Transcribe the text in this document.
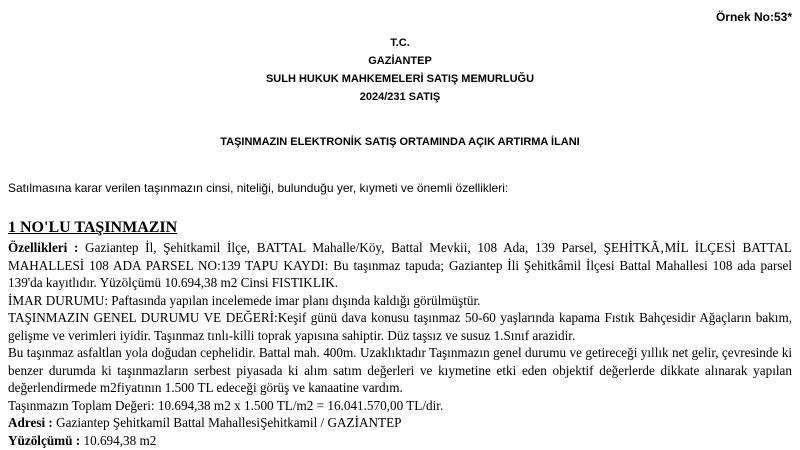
Örnek No:53*
T.C.
GAZİANTEP
SULH HUKUK MAHKEMELERİ SATIŞ MEMURLUĞU
2024/231 SATIŞ
TAŞINMAZIN ELEKTRONİK SATIŞ ORTAMINDA AÇIK ARTIRMA İLANI
Satılmasına karar verilen taşınmazın cinsi, niteliği, bulunduğu yer, kıymeti ve önemli özellikleri:
1 NO'LU TAŞINMAZIN

Özellikleri : Gaziantep İl, Şehitkamil İlçe, BATTAL Mahalle/Köy, Battal Mevkii, 108 Ada, 139 Parsel, ŞEHİTKÃ‚MİL İLÇESİ BATTAL MAHALLESİ 108 ADA PARSEL NO:139 TAPU KAYDI: Bu taşınmaz tapuda; Gaziantep İli Şehitkâmil İlçesi Battal Mahallesi 108 ada parsel 139'da kayıtlıdır. Yüzölçümü 10.694,38 m2 Cinsi FISTIKLIK.

İMAR DURUMU: Paftasında yapılan incelemede imar planı dışında kaldığı görülmüştür.

TAŞINMAZIN GENEL DURUMU VE DEĞERİ:Keşif günü dava konusu taşınmaz 50-60 yaşlarında kapama Fıstık Bahçesidir Ağaçların bakım, gelişme ve verimleri iyidir. Taşınmaz tınlı-killi toprak yapısına sahiptir. Düz taşsız ve susuz 1.Sınıf arazidir.

Bu taşınmaz asfaltlan yola doğudan cephelidir. Battal mah. 400m. Uzaklıktadır Taşınmazın genel durumu ve getireceği yıllık net gelir, çevresinde ki benzer durumda ki taşınmazların serbest piyasada ki alım satım değerleri ve kıymetine etki eden objektif değerlerde dikkate alınarak yapılan değerlendirmede m2fiyatının 1.500 TL edeceği görüş ve kanaatine vardım.

Taşınmazın Toplam Değeri: 10.694,38 m2 x 1.500 TL/m2 = 16.041.570,00 TL/dir.

Adresi : Gaziantep Şehitkamil Battal MahallesiŞehitkamil / GAZİANTEP

Yüzölçümü : 10.694,38 m2
